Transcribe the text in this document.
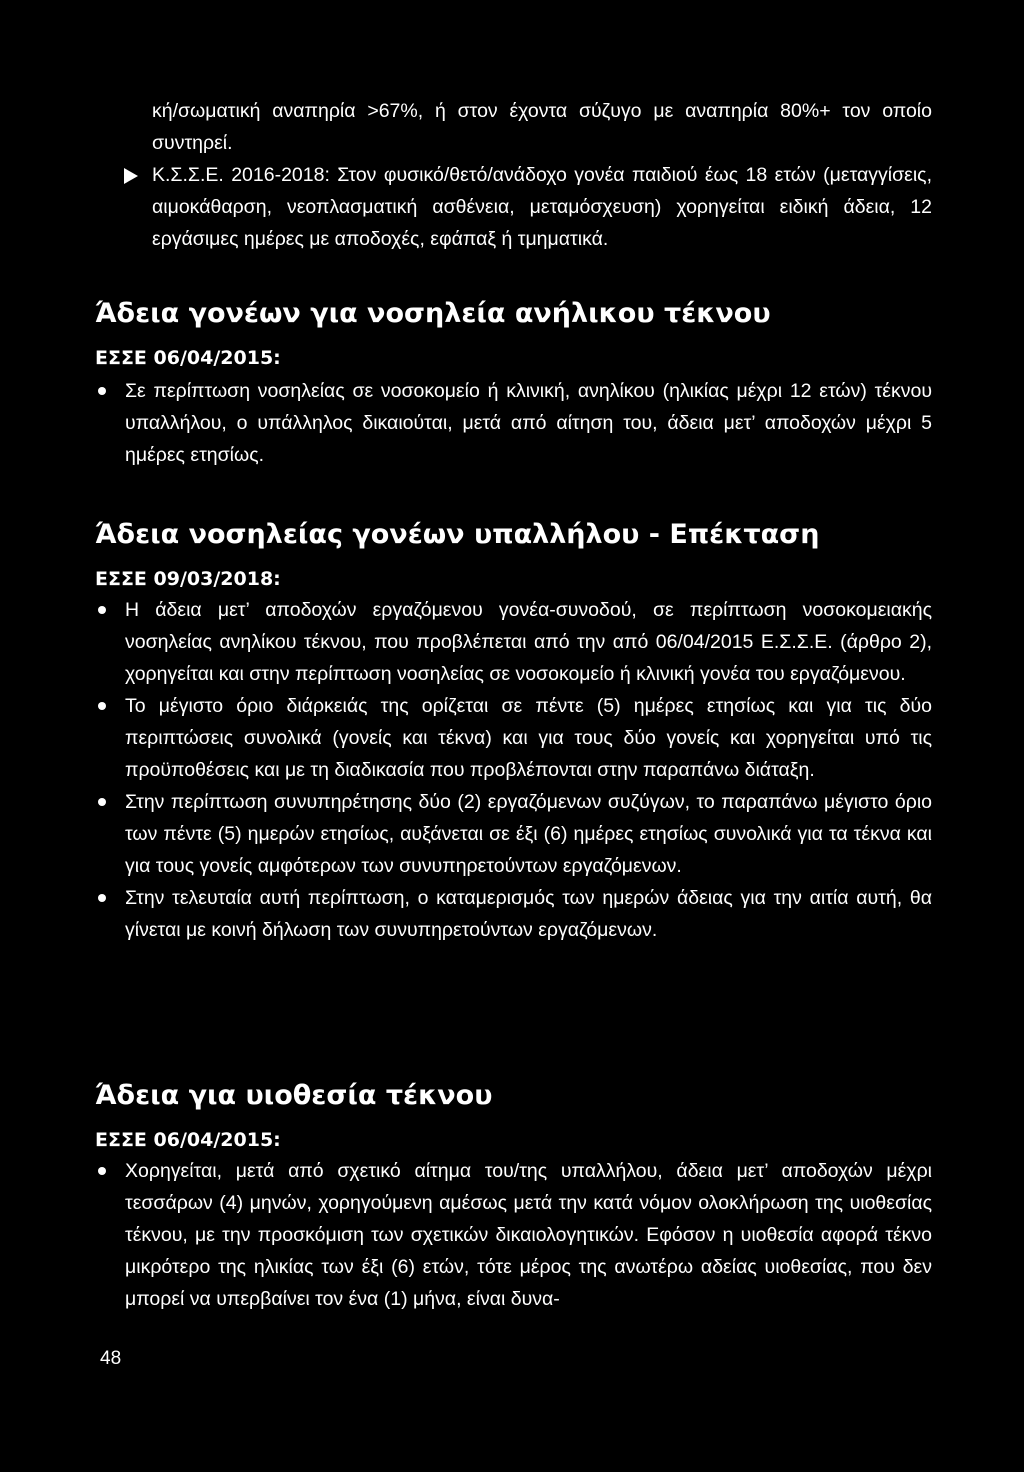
κή/σωματική αναπηρία >67%, ή στον έχοντα σύζυγο με αναπηρία 80%+ τον οποίο συντηρεί.
Κ.Σ.Σ.Ε. 2016-2018: Στον φυσικό/θετό/ανάδοχο γονέα παιδιού έως 18 ετών (μεταγγίσεις, αιμοκάθαρση, νεοπλασματική ασθένεια, μεταμόσχευση) χορηγείται ειδική άδεια, 12 εργάσιμες ημέρες με αποδοχές, εφάπαξ ή τμηματικά.
Άδεια γονέων για νοσηλεία ανήλικου τέκνου
ΕΣΣΕ 06/04/2015:
Σε περίπτωση νοσηλείας σε νοσοκομείο ή κλινική, ανηλίκου (ηλικίας μέχρι 12 ετών) τέκνου υπαλλήλου, ο υπάλληλος δικαιούται, μετά από αίτηση του, άδεια μετ’ αποδοχών μέχρι 5 ημέρες ετησίως.
Άδεια νοσηλείας γονέων υπαλλήλου - Επέκταση
ΕΣΣΕ 09/03/2018:
Η άδεια μετ’ αποδοχών εργαζόμενου γονέα-συνοδού, σε περίπτωση νοσοκομειακής νοσηλείας ανηλίκου τέκνου, που προβλέπεται από την από 06/04/2015 Ε.Σ.Σ.Ε. (άρθρο 2), χορηγείται και στην περίπτωση νοσηλείας σε νοσοκομείο ή κλινική γονέα του εργαζόμενου.
Το μέγιστο όριο διάρκειάς της ορίζεται σε πέντε (5) ημέρες ετησίως και για τις δύο περιπτώσεις συνολικά (γονείς και τέκνα) και για τους δύο γονείς και χορηγείται υπό τις προϋποθέσεις και με τη διαδικασία που προβλέπονται στην παραπάνω διάταξη.
Στην περίπτωση συνυπηρέτησης δύο (2) εργαζόμενων συζύγων, το παραπάνω μέγιστο όριο των πέντε (5) ημερών ετησίως, αυξάνεται σε έξι (6) ημέρες ετησίως συνολικά για τα τέκνα και για τους γονείς αμφότερων των συνυπηρετούντων εργαζόμενων.
Στην τελευταία αυτή περίπτωση, ο καταμερισμός των ημερών άδειας για την αιτία αυτή, θα γίνεται με κοινή δήλωση των συνυπηρετούντων εργαζόμενων.
Άδεια για υιοθεσία τέκνου
ΕΣΣΕ 06/04/2015:
Χορηγείται, μετά από σχετικό αίτημα του/της υπαλλήλου, άδεια μετ’ αποδοχών μέχρι τεσσάρων (4) μηνών, χορηγούμενη αμέσως μετά την κατά νόμον ολοκλήρωση της υιοθεσίας τέκνου, με την προσκόμιση των σχετικών δικαιολογητικών. Εφόσον η υιοθεσία αφορά τέκνο μικρότερο της ηλικίας των έξι (6) ετών, τότε μέρος της ανωτέρω αδείας υιοθεσίας, που δεν μπορεί να υπερβαίνει τον ένα (1) μήνα, είναι δυνα-
48
